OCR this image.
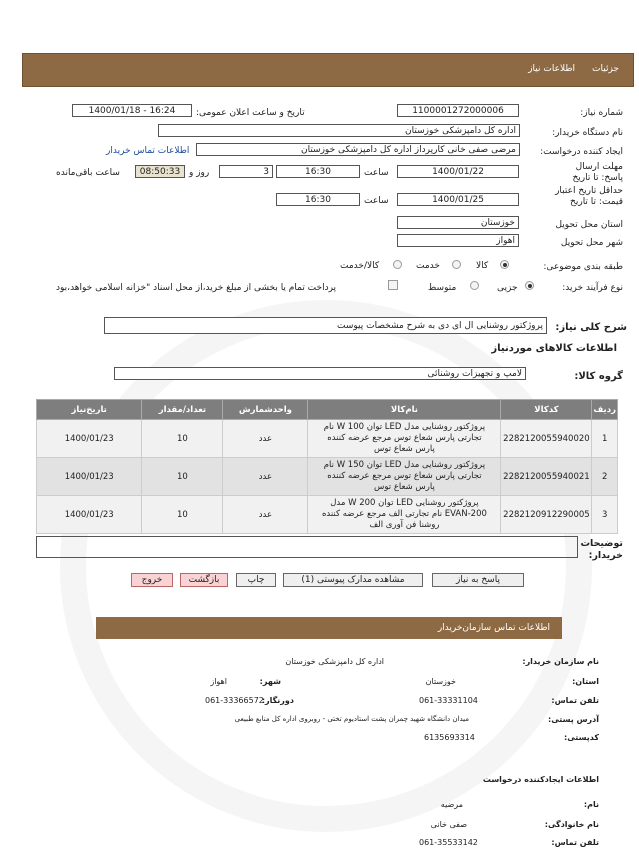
جزئیات
اطلاعات نیاز
شماره نیاز:
1100001272000006
تاریخ و ساعت اعلان عمومی:
1400/01/18 - 16:24
نام دستگاه خریدار:
اداره کل دامپزشکی خوزستان
ایجاد کننده درخواست:
مرضی صفی خانی کارپرداز اداره کل دامپزشکی خوزستان
اطلاعات تماس خریدار
مهلت ارسال پاسخ: تا تاریخ
1400/01/22
ساعت
16:30
3
روز و
08:50:33
ساعت باقی‌مانده
حداقل تاریخ اعتبار قیمت: تا تاریخ
1400/01/25
ساعت
16:30
استان محل تحویل
خوزستان
شهر محل تحویل
اهواز
طبقه بندی موضوعی:
کالا
خدمت
کالا/خدمت
نوع فرآیند خرید:
جزیی
متوسط
پرداخت تمام یا بخشی از مبلغ خرید،از محل اسناد "خزانه اسلامی خواهد،بود
شرح کلی نیاز:
پروژکتور روشنایی ال ای دی به شرح مشخصات پیوست
اطلاعات کالاهای موردنیاز
گروه کالا:
لامپ و تجهیزات روشنائی
ردیف	کدکالا	نام‌کالا	واحدشمارش	تعداد/مقدار	تاریخ‌نیاز
1	2282120055940020	پروژکتور روشنایی مدل LED توان 100 W نام تجارتی پارس شعاع توس مرجع عرضه کننده پارس شعاع توس	عدد	10	1400/01/23
2	2282120055940021	پروژکتور روشنایی مدل LED توان 150 W نام تجارتی پارس شعاع توس مرجع عرضه کننده پارس شعاع توس	عدد	10	1400/01/23
3	2282120912290005	پروژکتور روشنایی LED توان 200 W مدل EVAN-200 نام تجارتی الف مرجع عرضه کننده روشنا فن آوری الف	عدد	10	1400/01/23
توضیحات خریدار:
پاسخ به نیاز
مشاهده مدارک پیوستی (1)
چاپ
بازگشت
خروج
اطلاعات تماس سازمان‌خریدار
نام سازمان خریدار:
اداره کل دامپزشکی خوزستان
استان:
خوزستان
شهر:
اهواز
تلفن تماس:
061-33331104
دورنگار:
061-33366572
آدرس پستی:
میدان دانشگاه شهید چمران پشت استادیوم تختی - روبروی اداره کل منابع طبیعی
کدپستی:
6135693314
اطلاعات ایجادکننده درخواست
نام:
مرضیه
نام خانوادگی:
صفی خانی
تلفن تماس:
061-35533142
